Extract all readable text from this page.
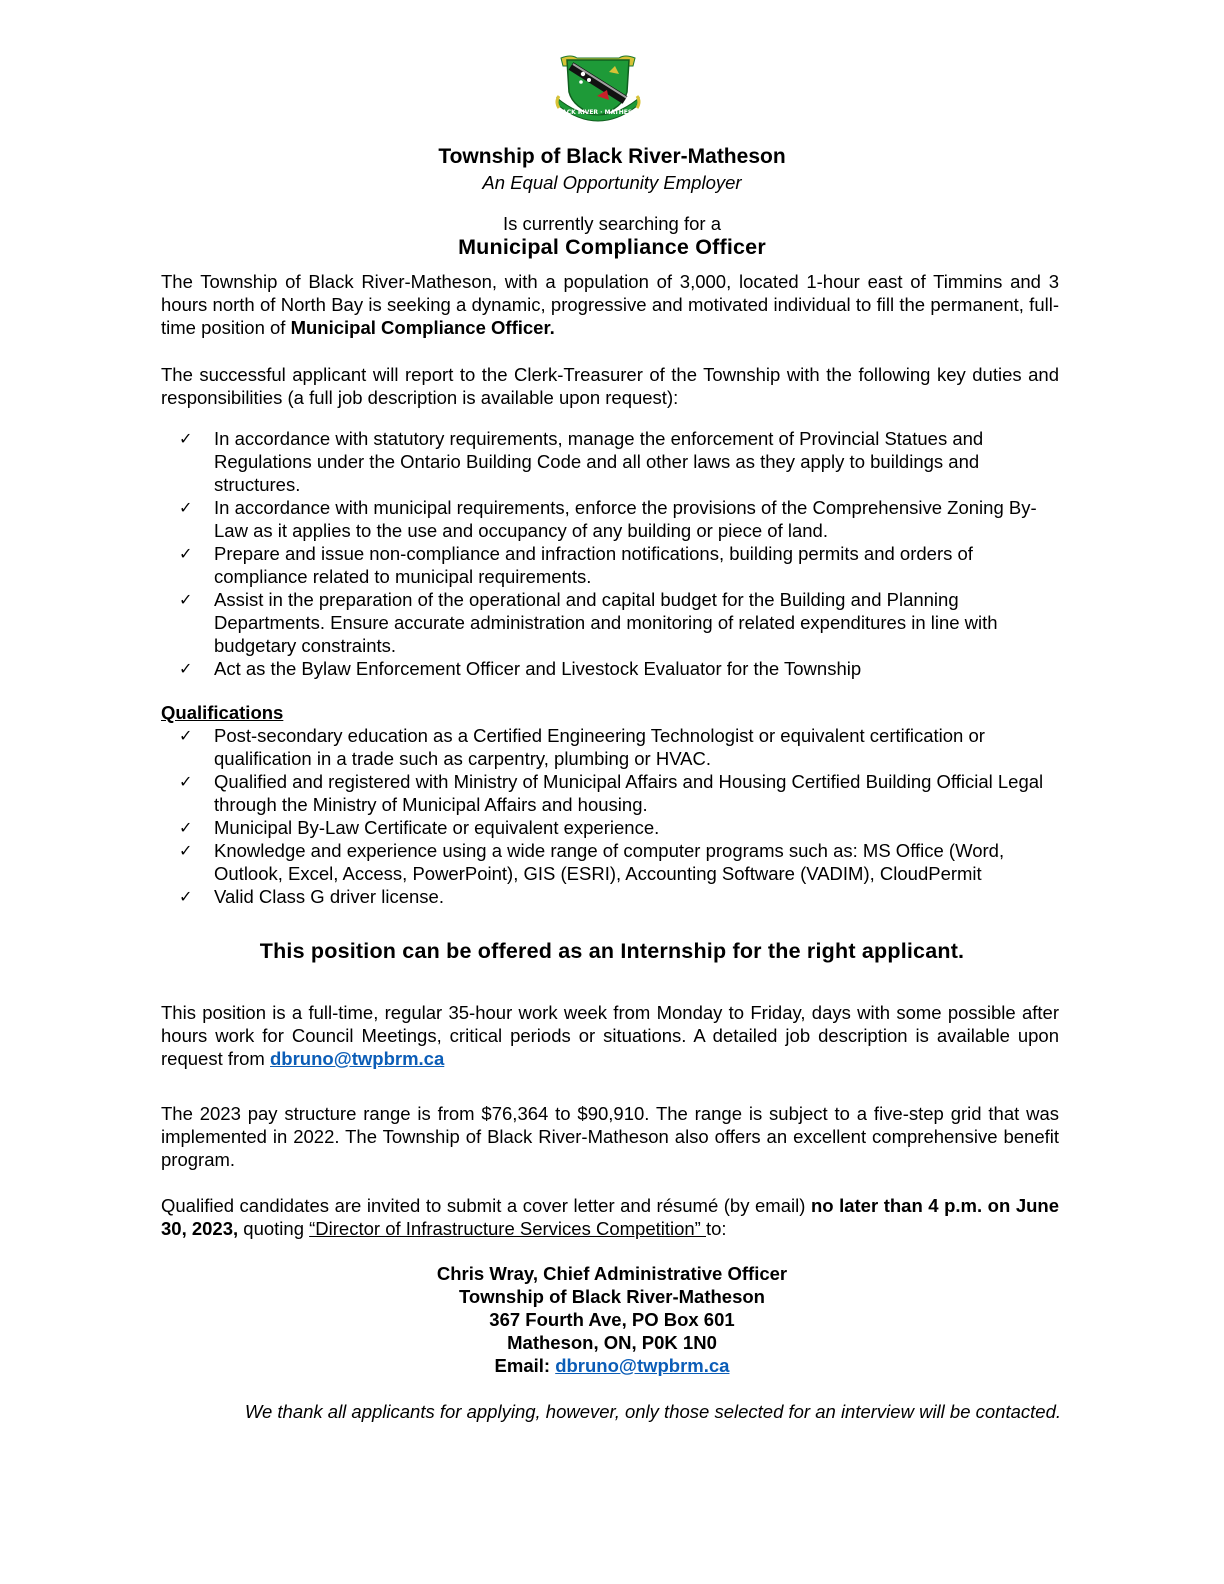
BLACK RIVER · MATHESON
Township of Black River-Matheson
An Equal Opportunity Employer
Is currently searching for a
Municipal Compliance Officer
The Township of Black River-Matheson, with a population of 3,000, located 1-hour east of Timmins and 3 hours north of North Bay is seeking a dynamic, progressive and motivated individual to fill the permanent, full-time position of Municipal Compliance Officer.
The successful applicant will report to the Clerk-Treasurer of the Township with the following key duties and responsibilities (a full job description is available upon request):
✓ In accordance with statutory requirements, manage the enforcement of Provincial Statues and Regulations under the Ontario Building Code and all other laws as they apply to buildings and structures.
✓ In accordance with municipal requirements, enforce the provisions of the Comprehensive Zoning By-Law as it applies to the use and occupancy of any building or piece of land.
✓ Prepare and issue non-compliance and infraction notifications, building permits and orders of compliance related to municipal requirements.
✓ Assist in the preparation of the operational and capital budget for the Building and Planning Departments. Ensure accurate administration and monitoring of related expenditures in line with budgetary constraints.
✓ Act as the Bylaw Enforcement Officer and Livestock Evaluator for the Township
Qualifications
✓ Post-secondary education as a Certified Engineering Technologist or equivalent certification or qualification in a trade such as carpentry, plumbing or HVAC.
✓ Qualified and registered with Ministry of Municipal Affairs and Housing Certified Building Official Legal through the Ministry of Municipal Affairs and housing.
✓ Municipal By-Law Certificate or equivalent experience.
✓ Knowledge and experience using a wide range of computer programs such as: MS Office (Word, Outlook, Excel, Access, PowerPoint), GIS (ESRI), Accounting Software (VADIM), CloudPermit
✓ Valid Class G driver license.
This position can be offered as an Internship for the right applicant.
This position is a full-time, regular 35-hour work week from Monday to Friday, days with some possible after hours work for Council Meetings, critical periods or situations. A detailed job description is available upon request from dbruno@twpbrm.ca
The 2023 pay structure range is from $76,364 to $90,910. The range is subject to a five-step grid that was implemented in 2022. The Township of Black River-Matheson also offers an excellent comprehensive benefit program.
Qualified candidates are invited to submit a cover letter and résumé (by email) no later than 4 p.m. on June 30, 2023, quoting “Director of Infrastructure Services Competition” to:
Chris Wray, Chief Administrative Officer
Township of Black River-Matheson
367 Fourth Ave, PO Box 601
Matheson, ON, P0K 1N0
Email: dbruno@twpbrm.ca
We thank all applicants for applying, however, only those selected for an interview will be contacted.
